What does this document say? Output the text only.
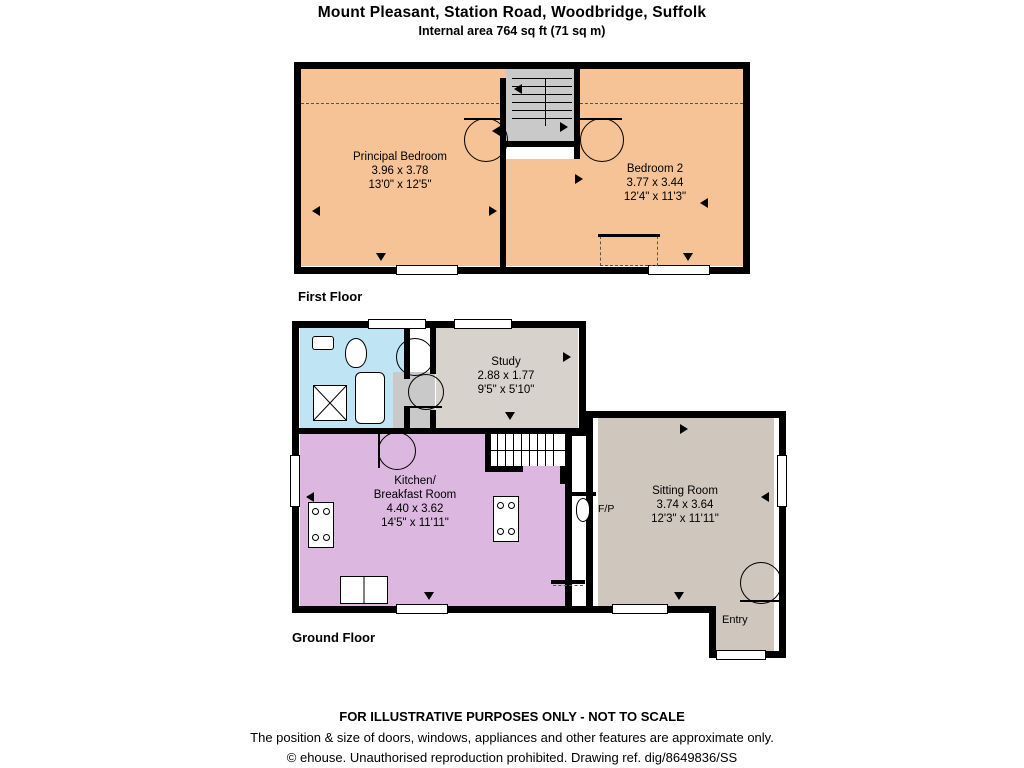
Mount Pleasant, Station Road, Woodbridge, Suffolk
Internal area 764 sq ft (71 sq m)
Principal Bedroom
3.96 x 3.78
13'0" x 12'5"
Bedroom 2
3.77 x 3.44
12'4" x 11'3"
First Floor
F/P
Study
2.88 x 1.77
9'5" x 5'10"
Kitchen/
Breakfast Room
4.40 x 3.62
14'5" x 11'11"
Sitting Room
3.74 x 3.64
12'3" x 11'11"
Entry
Ground Floor
FOR ILLUSTRATIVE PURPOSES ONLY - NOT TO SCALE
The position & size of doors, windows, appliances and other features are approximate only.
© ehouse. Unauthorised reproduction prohibited. Drawing ref. dig/8649836/SS
